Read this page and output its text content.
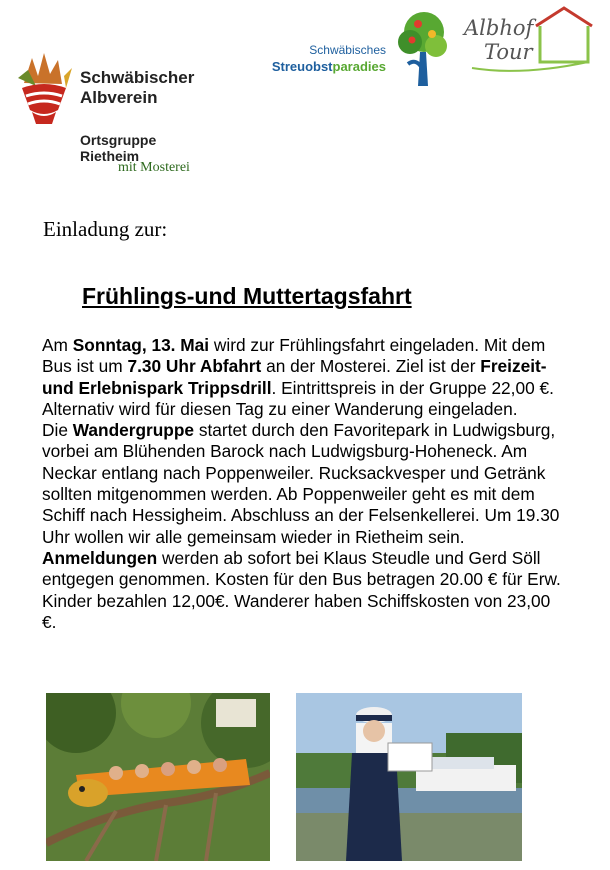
Schwäbischer
Albverein
Ortsgruppe Rietheim
mit Mosterei
Schwäbisches
Streuobstparadies
Albhof
Tour
Einladung zur:
Frühlings-und Muttertagsfahrt

Am Sonntag, 13. Mai wird zur Frühlingsfahrt eingeladen. Mit dem Bus ist um 7.30 Uhr Abfahrt an der Mosterei. Ziel ist der Freizeit- und Erlebnispark Trippsdrill. Eintrittspreis in der Gruppe 22,00 €. Alternativ wird für diesen Tag zu einer Wanderung eingeladen.

Die Wandergruppe startet durch den Favoritepark in Ludwigsburg, vorbei am Blühenden Barock nach Ludwigsburg-Hoheneck. Am Neckar entlang nach Poppenweiler. Rucksackvesper und Getränk sollten mitgenommen werden. Ab Poppenweiler geht es mit dem Schiff nach Hessigheim. Abschluss an der Felsenkellerei. Um 19.30 Uhr wollen wir alle gemeinsam wieder in Rietheim sein. Anmeldungen werden ab sofort bei Klaus Steudle und Gerd Söll entgegen genommen. Kosten für den Bus betragen 20.00 € für Erw. Kinder bezahlen 12,00€. Wanderer haben Schiffskosten von 23,00 €.
